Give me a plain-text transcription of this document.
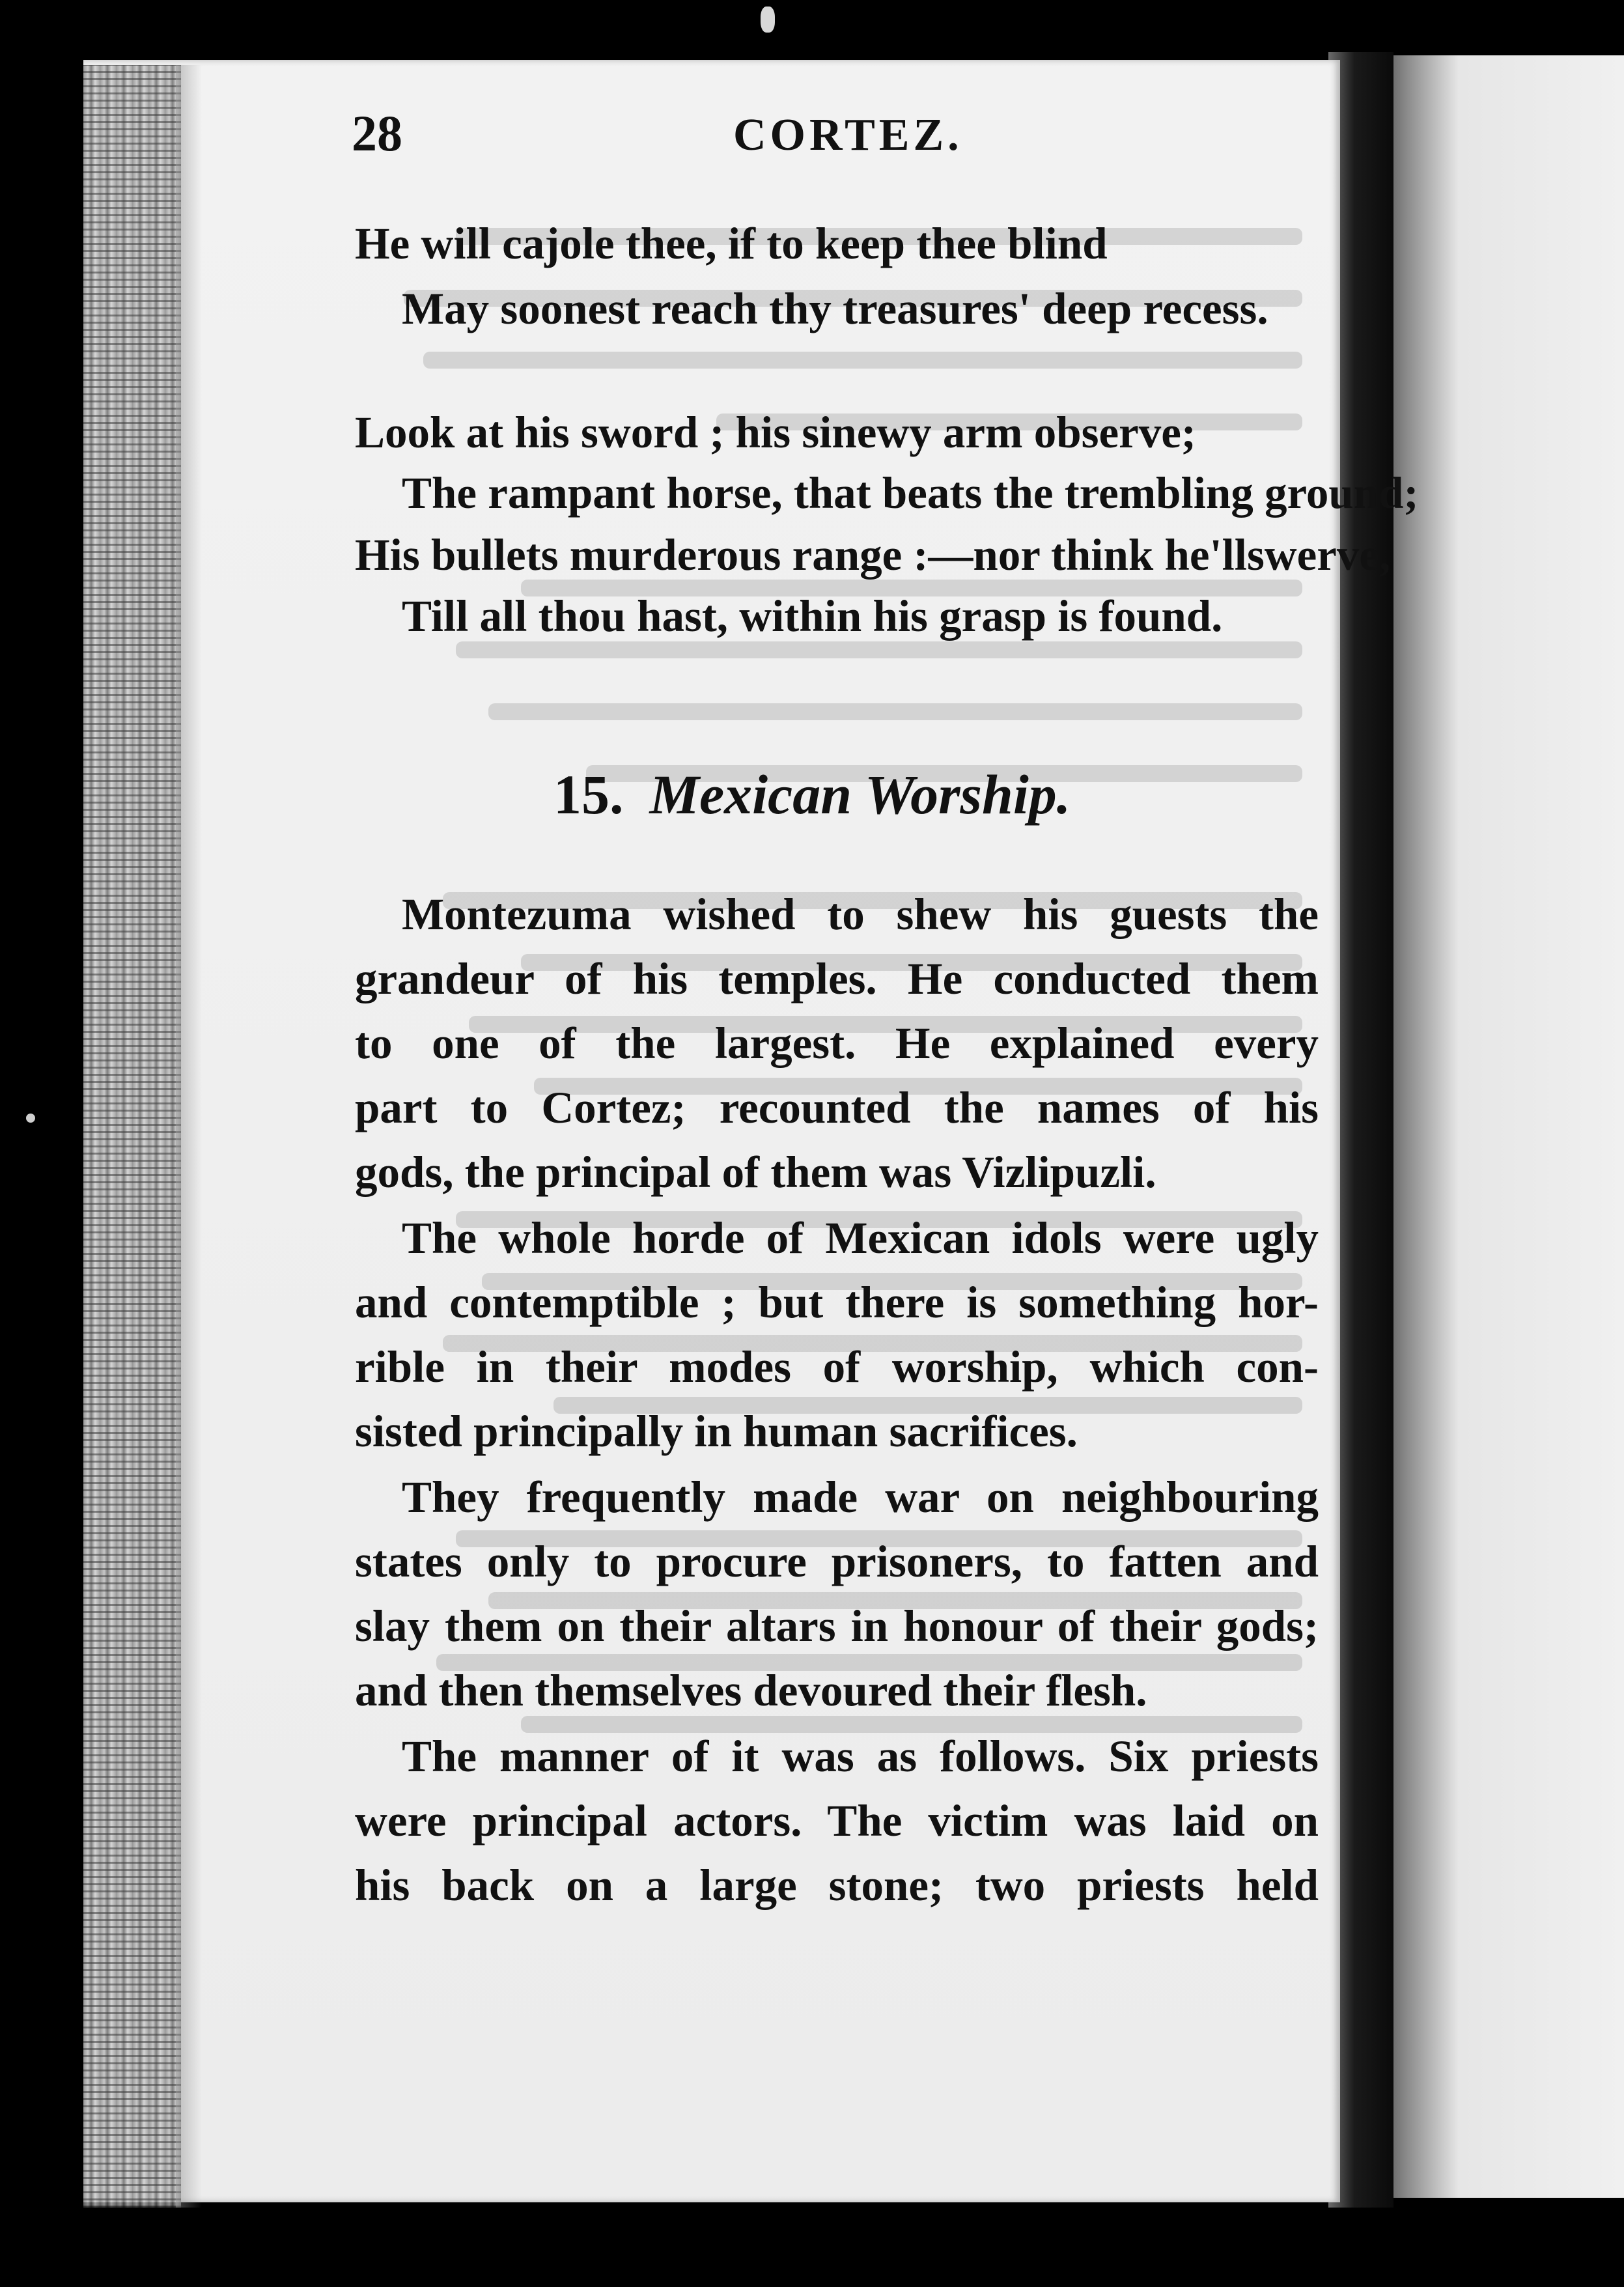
28	CORTEZ.
He will cajole thee, if to keep thee blind
May soonest reach thy treasures' deep recess.
Look at his sword ; his sinewy arm observe;
The rampant horse, that beats the trembling ground;
His bullets murderous range :—nor think he'llswerve,
Till all thou hast, within his grasp is found.
15. Mexican Worship.
Montezuma wished to shew his guests the
grandeur of his temples. He conducted them
to one of the largest. He explained every
part to Cortez; recounted the names of his
gods, the principal of them was Vizlipuzli.
The whole horde of Mexican idols were ugly
and contemptible ; but there is something hor-
rible in their modes of worship, which con-
sisted principally in human sacrifices.
They frequently made war on neighbouring
states only to procure prisoners, to fatten and
slay them on their altars in honour of their gods;
and then themselves devoured their flesh.
The manner of it was as follows. Six priests
were principal actors. The victim was laid on
his back on a large stone; two priests held
